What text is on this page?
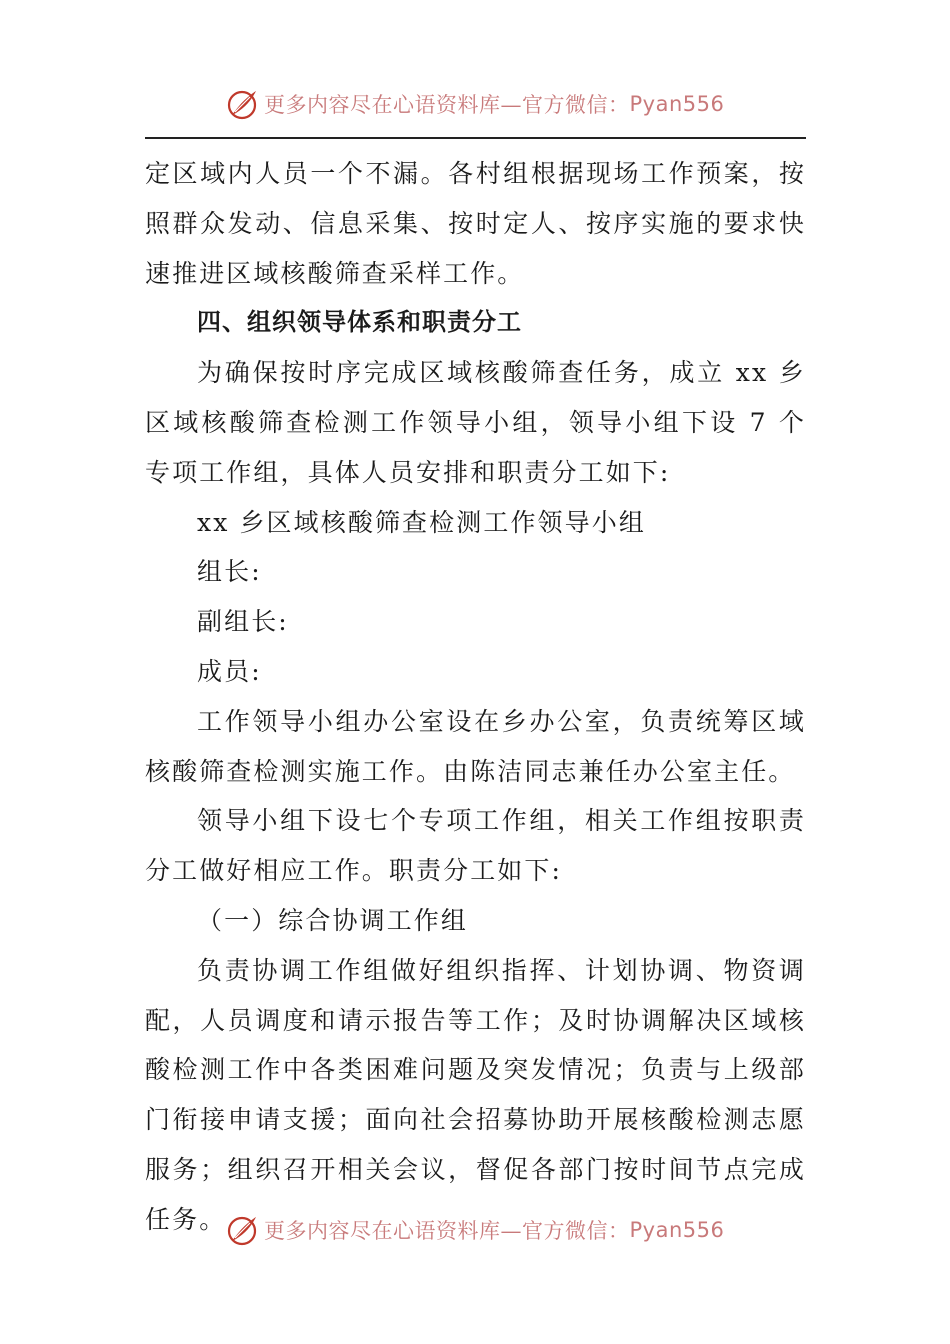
更多内容尽在心语资料库—官方微信： Pyan556

定区域内人员一个不漏。各村组根据现场工作预案，按照群众发动、信息采集、按时定人、按序实施的要求快速推进区域核酸筛查采样工作。

四、组织领导体系和职责分工

为确保按时序完成区域核酸筛查任务，成立 xx 乡区域核酸筛查检测工作领导小组，领导小组下设 7 个专项工作组，具体人员安排和职责分工如下:

xx 乡区域核酸筛查检测工作领导小组

组长:

副组长:

成员:

工作领导小组办公室设在乡办公室，负责统筹区域核酸筛查检测实施工作。由陈洁同志兼任办公室主任。

领导小组下设七个专项工作组，相关工作组按职责分工做好相应工作。职责分工如下:

（一）综合协调工作组

负责协调工作组做好组织指挥、计划协调、物资调配，人员调度和请示报告等工作；及时协调解决区域核酸检测工作中各类困难问题及突发情况；负责与上级部门衔接申请支援；面向社会招募协助开展核酸检测志愿服务；组织召开相关会议，督促各部门按时间节点完成任务。	更多内容尽在心语资料库—官方微信： Pyan556
